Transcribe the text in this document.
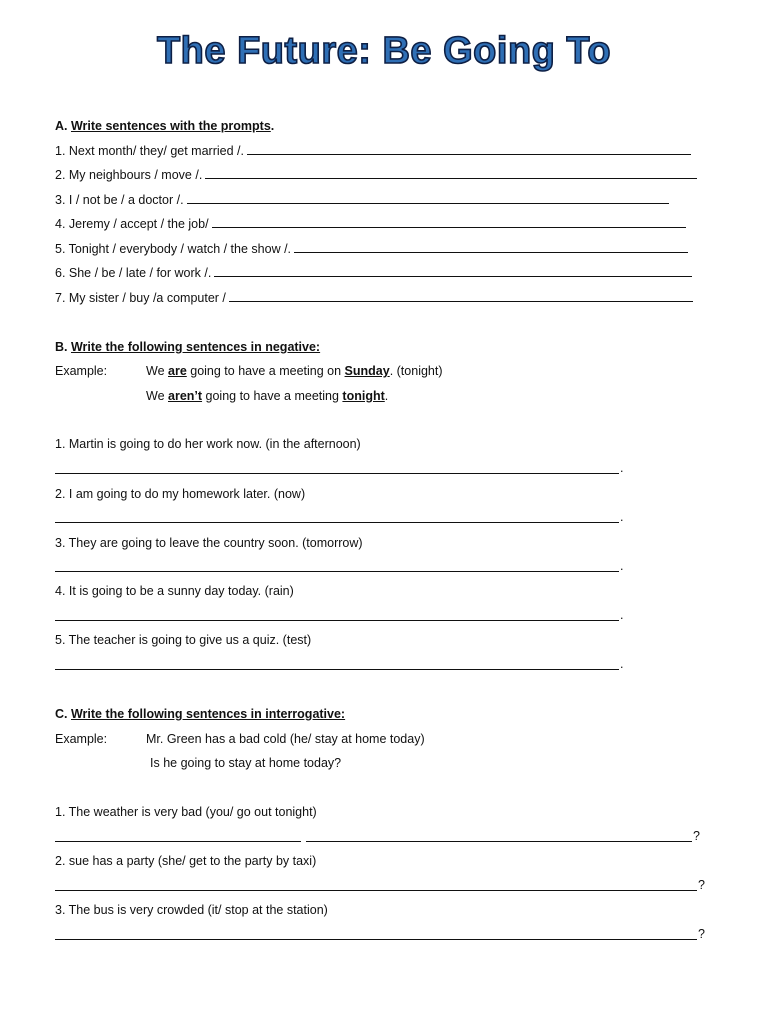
The Future: Be Going To
A. Write sentences with the prompts.
1. Next month/ they/ get married /.
2. My neighbours / move /.
3. I / not be / a doctor /.
4. Jeremy / accept / the job/
5. Tonight / everybody / watch / the show /.
6. She / be / late / for work /.
7. My sister / buy /a computer /
B. Write the following sentences in negative:
Example:	We are going to have a meeting on Sunday. (tonight)
We aren’t going to have a meeting tonight.
1. Martin is going to do her work now. (in the afternoon)
.
2. I am going to do my homework later. (now)
.
3. They are going to leave the country soon. (tomorrow)
.
4. It is going to be a sunny day today. (rain)
.
5. The teacher is going to give us a quiz. (test)
.
C. Write the following sentences in interrogative:
Example:	Mr. Green has a bad cold (he/ stay at home today)
Is he going to stay at home today?
1. The weather is very bad (you/ go out tonight)
?
2. sue has a party (she/ get to the party by taxi)
?
3. The bus is very crowded (it/ stop at the station)
?
